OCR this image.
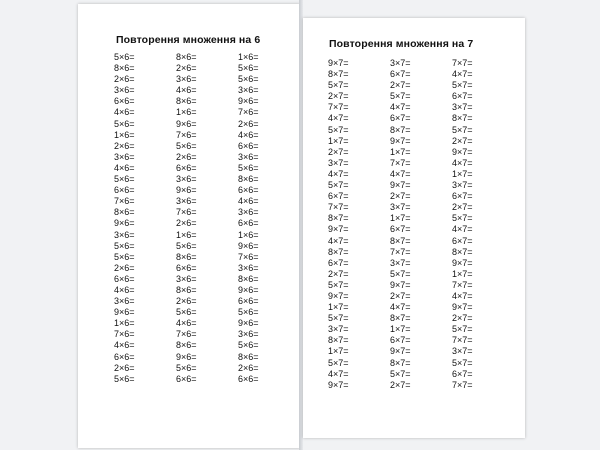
Повторення множення на 6
5×6=
8×6=
2×6=
3×6=
6×6=
4×6=
5×6=
1×6=
2×6=
3×6=
4×6=
5×6=
6×6=
7×6=
8×6=
9×6=
3×6=
5×6=
5×6=
2×6=
6×6=
4×6=
3×6=
9×6=
1×6=
7×6=
4×6=
6×6=
2×6=
5×6=
8×6=
2×6=
3×6=
4×6=
8×6=
1×6=
9×6=
7×6=
5×6=
2×6=
6×6=
3×6=
9×6=
3×6=
7×6=
2×6=
1×6=
5×6=
8×6=
6×6=
3×6=
8×6=
2×6=
5×6=
4×6=
7×6=
8×6=
9×6=
5×6=
6×6=
1×6=
5×6=
5×6=
3×6=
9×6=
7×6=
2×6=
4×6=
6×6=
3×6=
5×6=
8×6=
6×6=
4×6=
3×6=
6×6=
1×6=
9×6=
7×6=
3×6=
8×6=
9×6=
6×6=
5×6=
9×6=
3×6=
5×6=
8×6=
2×6=
6×6=
Повторення множення на 7
9×7=
8×7=
5×7=
2×7=
7×7=
4×7=
5×7=
1×7=
2×7=
3×7=
4×7=
5×7=
6×7=
7×7=
8×7=
9×7=
4×7=
8×7=
6×7=
2×7=
5×7=
9×7=
1×7=
5×7=
3×7=
8×7=
1×7=
5×7=
4×7=
9×7=
3×7=
6×7=
2×7=
5×7=
4×7=
6×7=
8×7=
9×7=
1×7=
7×7=
4×7=
9×7=
2×7=
3×7=
1×7=
6×7=
8×7=
7×7=
3×7=
5×7=
9×7=
2×7=
4×7=
8×7=
1×7=
6×7=
9×7=
8×7=
5×7=
2×7=
7×7=
4×7=
5×7=
6×7=
3×7=
8×7=
5×7=
2×7=
9×7=
4×7=
1×7=
3×7=
6×7=
2×7=
5×7=
4×7=
6×7=
8×7=
9×7=
1×7=
7×7=
4×7=
9×7=
2×7=
5×7=
7×7=
3×7=
5×7=
6×7=
7×7=
